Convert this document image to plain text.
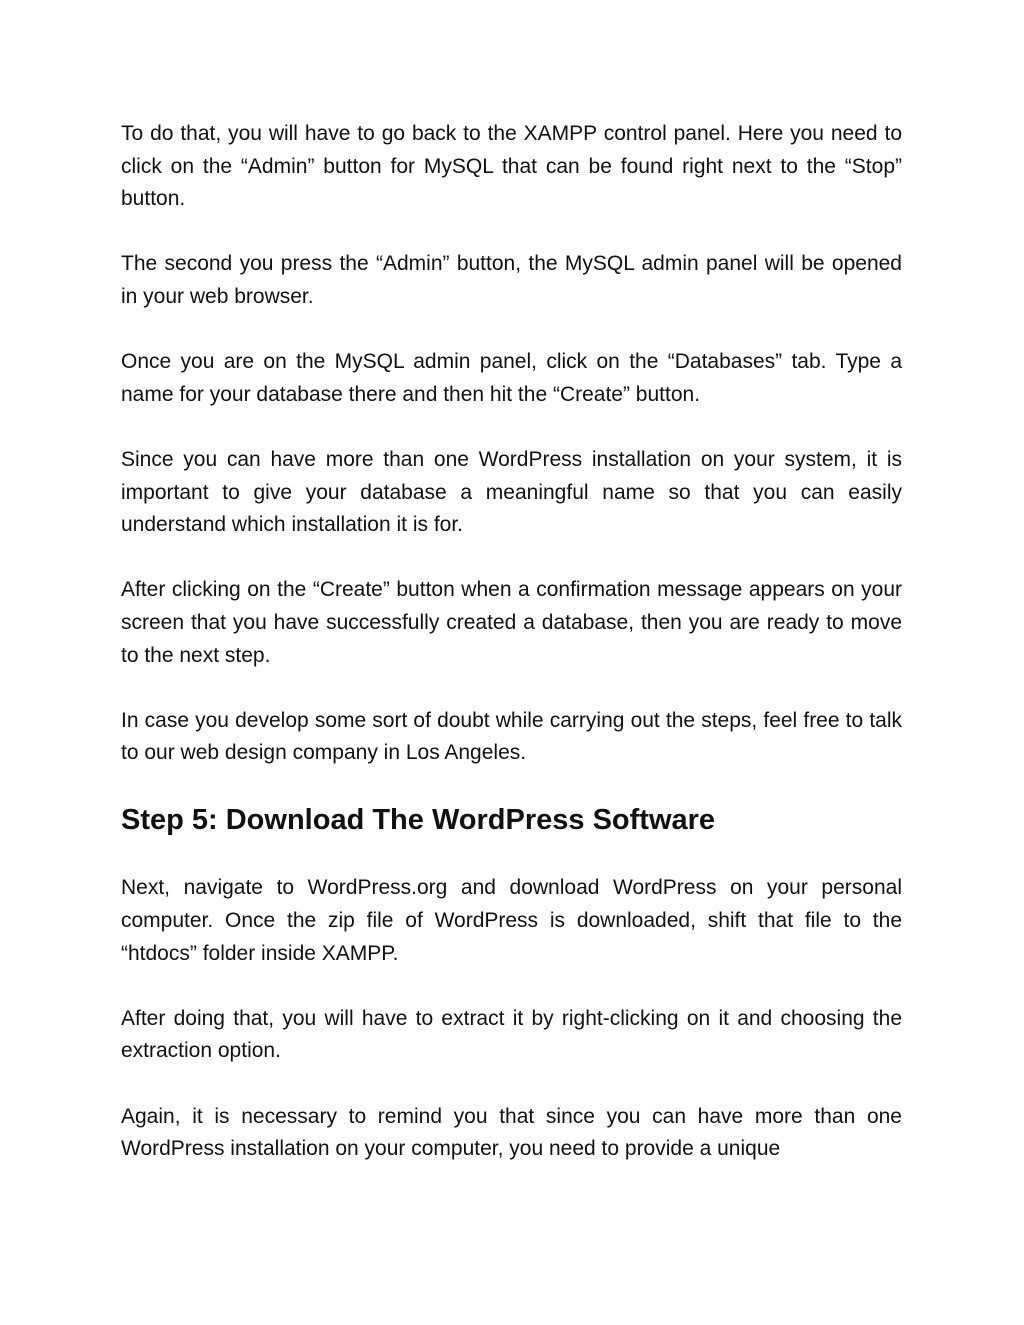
To do that, you will have to go back to the XAMPP control panel. Here you need to click on the “Admin” button for MySQL that can be found right next to the “Stop” button.

The second you press the “Admin” button, the MySQL admin panel will be opened in your web browser.

Once you are on the MySQL admin panel, click on the “Databases” tab. Type a name for your database there and then hit the “Create” button.

Since you can have more than one WordPress installation on your system, it is important to give your database a meaningful name so that you can easily understand which installation it is for.

After clicking on the “Create” button when a confirmation message appears on your screen that you have successfully created a database, then you are ready to move to the next step.

In case you develop some sort of doubt while carrying out the steps, feel free to talk to our web design company in Los Angeles.

Step 5: Download The WordPress Software

Next, navigate to WordPress.org and download WordPress on your personal computer. Once the zip file of WordPress is downloaded, shift that file to the “htdocs” folder inside XAMPP.

After doing that, you will have to extract it by right-clicking on it and choosing the extraction option.

Again, it is necessary to remind you that since you can have more than one WordPress installation on your computer, you need to provide a unique
